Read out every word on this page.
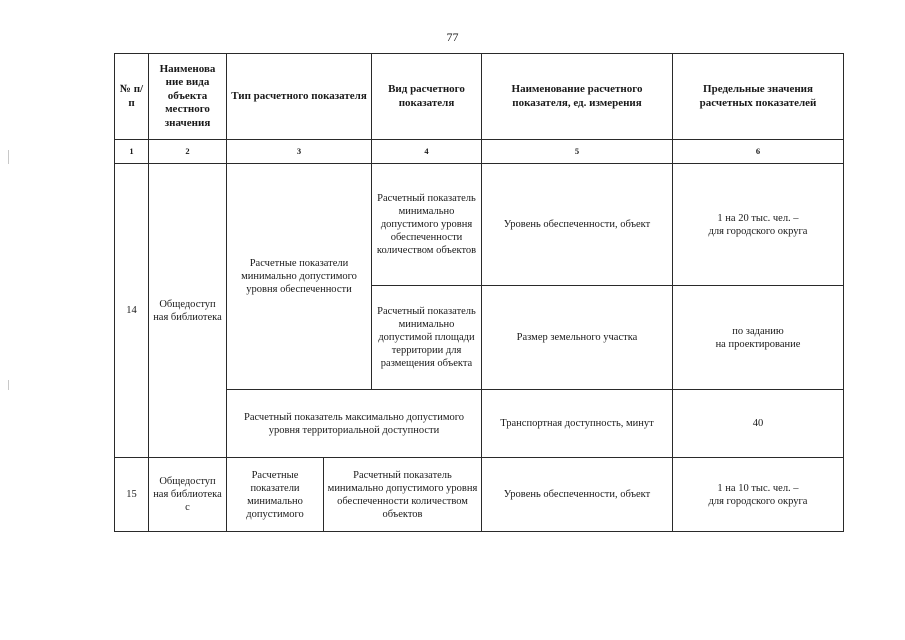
77
№ п/п	Наименова ние вида объекта местного значения	Тип расчетного показателя		Вид расчетного показателя	Наименование расчетного показателя, ед. измерения	Предельные значения расчетных показателей
1	2	3		4	5	6
14	Общедоступ ная библиотека	Расчетные показатели минимально допустимого уровня обеспеченности		Расчетный показатель минимально допустимого уровня обеспеченности количеством объектов	Уровень обеспеченности, объект	1 на 20 тыс. чел. –
для городского округа
				Расчетный показатель минимально допустимой площади территории для размещения объекта	Размер земельного участка	по заданию
на проектирование
		Расчетный показатель максимально допустимого уровня территориальной доступности			Транспортная доступность, минут	40
15	Общедоступ ная библиотека с	Расчетные показатели минимально допустимого	Расчетный показатель минимально допустимого уровня обеспеченности количеством объектов		Уровень обеспеченности, объект	1 на 10 тыс. чел. –
для городского округа
